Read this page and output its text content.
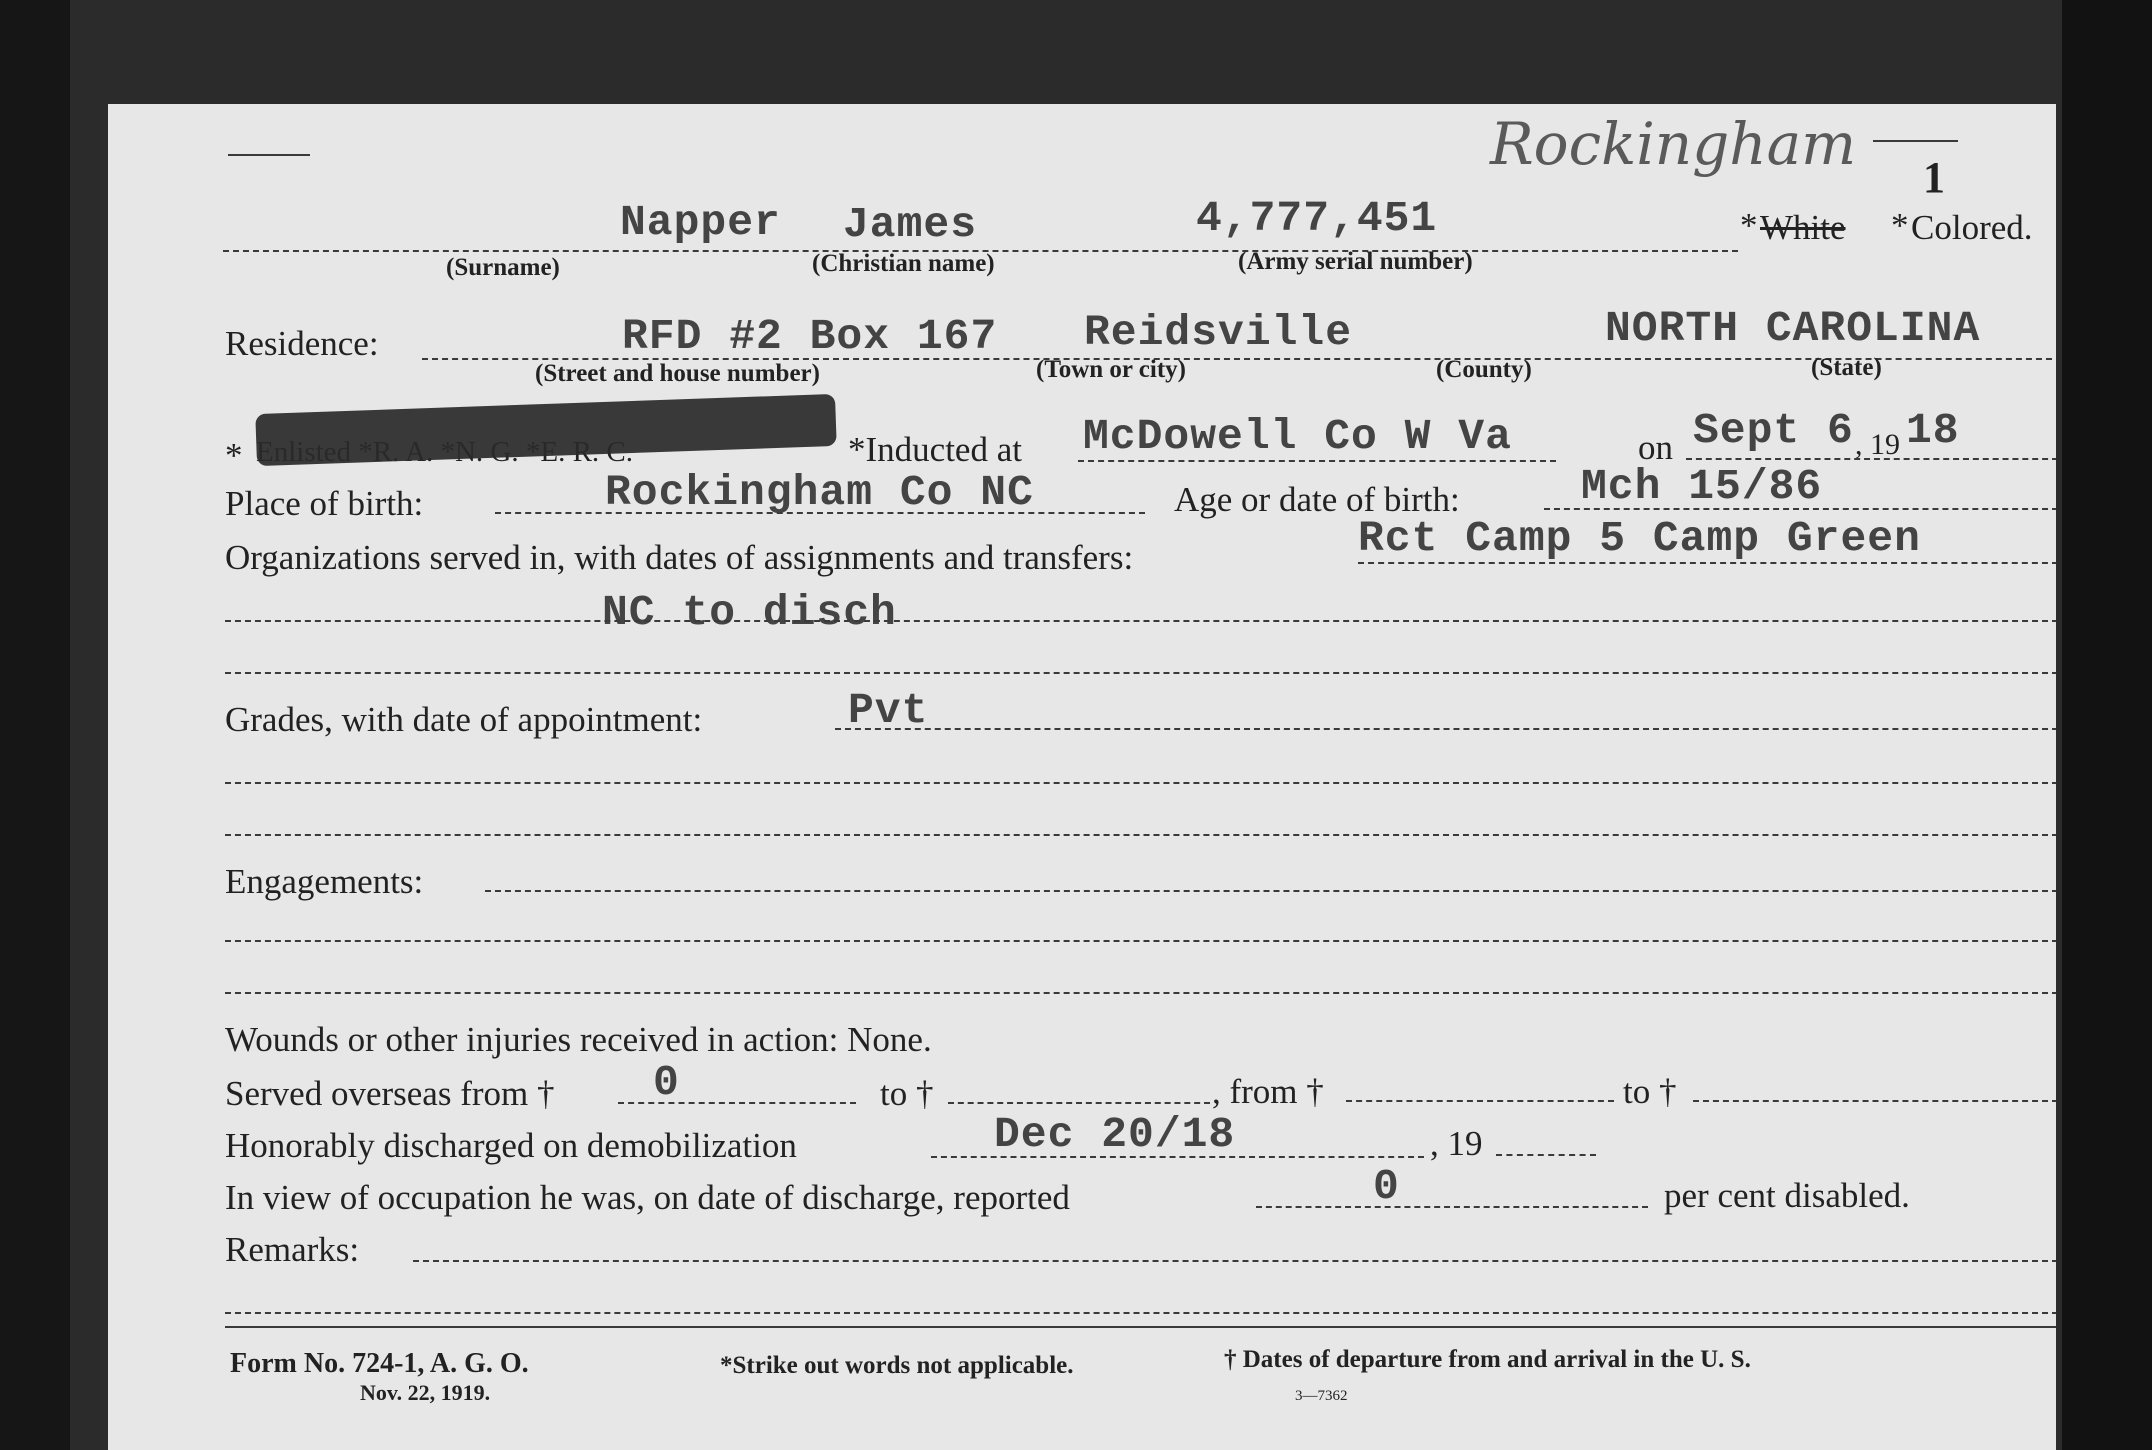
Rockingham 1
Napper James	4,777,451	* White * Colored.
(Surname)	(Christian name)	(Army serial number)
Residence:	RFD #2 Box 167 Reidsville	NORTH CAROLINA
(Street and house number)	(Town or city)	(County)	(State)
*	*Inducted at McDowell Co W Va	on Sept 6 , 19 18
Place of birth:	Rockingham Co NC	Age or date of birth:	Mch 15/86
Organizations served in, with dates of assignments and transfers:	Rct Camp 5 Camp Green
NC to disch
Grades, with date of appointment:	Pvt
Engagements:
Wounds or other injuries received in action: None.
Served overseas from † 0	to †	, from †	to †
Honorably discharged on demobilization	Dec 20/18	, 19
In view of occupation he was, on date of discharge, reported	0	per cent disabled.
Remarks:
Form No. 724-1, A. G. O.
Nov. 22, 1919.
*Strike out words not applicable.	† Dates of departure from and arrival in the U. S.
3—7362
